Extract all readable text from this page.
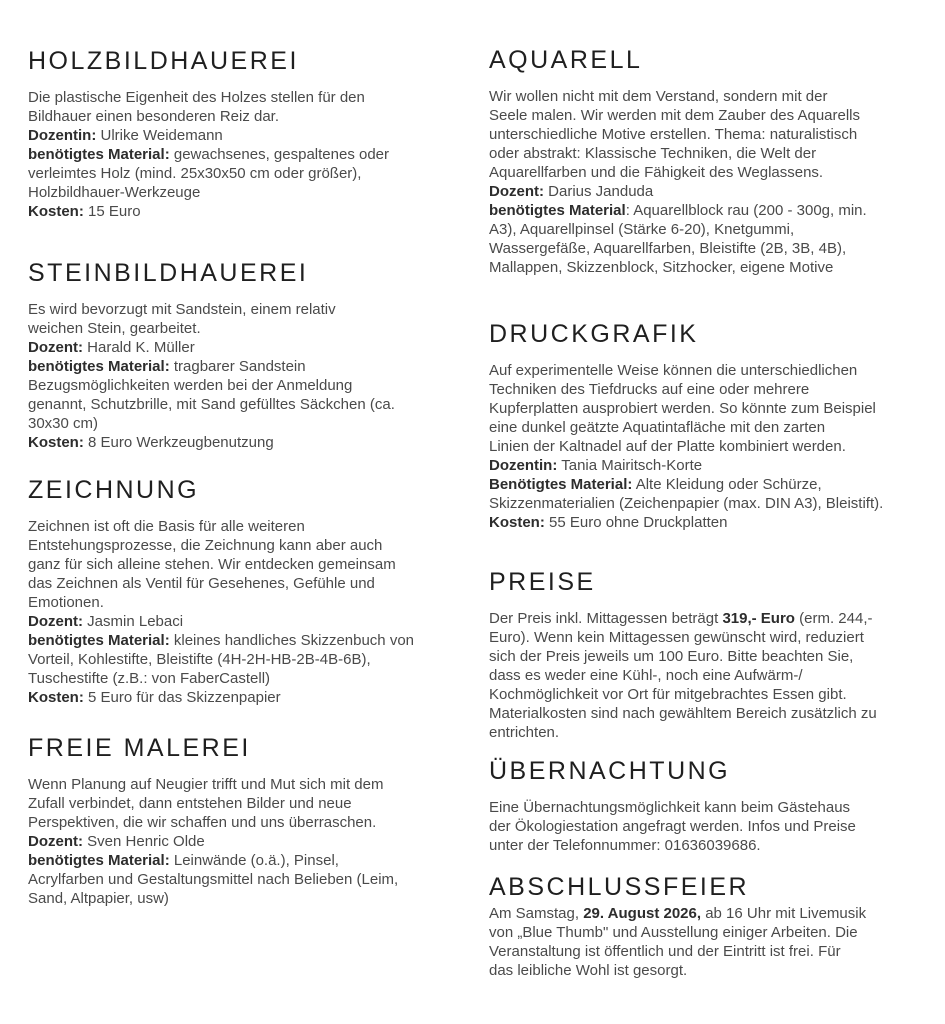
HOLZBILDHAUEREI
Die plastische Eigenheit des Holzes stellen für den
Bildhauer einen besonderen Reiz dar.
Dozentin: Ulrike Weidemann
benötigtes Material: gewachsenes, gespaltenes oder
verleimtes Holz (mind. 25x30x50 cm oder größer),
Holzbildhauer-Werkzeuge
Kosten: 15 Euro
STEINBILDHAUEREI
Es wird bevorzugt mit Sandstein, einem relativ
weichen Stein, gearbeitet.
Dozent: Harald K. Müller
benötigtes Material: tragbarer Sandstein
Bezugsmöglichkeiten werden bei der Anmeldung
genannt, Schutzbrille, mit Sand gefülltes Säckchen (ca.
30x30 cm)
Kosten: 8 Euro Werkzeugbenutzung
ZEICHNUNG
Zeichnen ist oft die Basis für alle weiteren
Entstehungsprozesse, die Zeichnung kann aber auch
ganz für sich alleine stehen. Wir entdecken gemeinsam
das Zeichnen als Ventil für Gesehenes, Gefühle und
Emotionen.
Dozent: Jasmin Lebaci
benötigtes Material: kleines handliches Skizzenbuch von
Vorteil, Kohlestifte, Bleistifte (4H-2H-HB-2B-4B-6B),
Tuschestifte (z.B.: von FaberCastell)
Kosten: 5 Euro für das Skizzenpapier
FREIE MALEREI
Wenn Planung auf Neugier trifft und Mut sich mit dem
Zufall verbindet, dann entstehen Bilder und neue
Perspektiven, die wir schaffen und uns überraschen.
Dozent: Sven Henric Olde
benötigtes Material: Leinwände (o.ä.), Pinsel,
Acrylfarben und Gestaltungsmittel nach Belieben (Leim,
Sand, Altpapier, usw)
AQUARELL
Wir wollen nicht mit dem Verstand, sondern mit der
Seele malen. Wir werden mit dem Zauber des Aquarells
unterschiedliche Motive erstellen. Thema: naturalistisch
oder abstrakt: Klassische Techniken, die Welt der
Aquarellfarben und die Fähigkeit des Weglassens.
Dozent: Darius Janduda
benötigtes Material: Aquarellblock rau (200 - 300g, min.
A3), Aquarellpinsel (Stärke 6-20), Knetgummi,
Wassergefäße, Aquarellfarben, Bleistifte (2B, 3B, 4B),
Mallappen, Skizzenblock, Sitzhocker, eigene Motive
DRUCKGRAFIK
Auf experimentelle Weise können die unterschiedlichen
Techniken des Tiefdrucks auf eine oder mehrere
Kupferplatten ausprobiert werden. So könnte zum Beispiel
eine dunkel geätzte Aquatintafläche mit den zarten
Linien der Kaltnadel auf der Platte kombiniert werden.
Dozentin: Tania Mairitsch-Korte
Benötigtes Material: Alte Kleidung oder Schürze,
Skizzenmaterialien (Zeichenpapier (max. DIN A3), Bleistift).
Kosten: 55 Euro ohne Druckplatten
PREISE
Der Preis inkl. Mittagessen beträgt 319,- Euro (erm. 244,-
Euro). Wenn kein Mittagessen gewünscht wird, reduziert
sich der Preis jeweils um 100 Euro. Bitte beachten Sie,
dass es weder eine Kühl-, noch eine Aufwärm-/
Kochmöglichkeit vor Ort für mitgebrachtes Essen gibt.
Materialkosten sind nach gewähltem Bereich zusätzlich zu
entrichten.
ÜBERNACHTUNG
Eine Übernachtungsmöglichkeit kann beim Gästehaus
der Ökologiestation angefragt werden. Infos und Preise
unter der Telefonnummer: 01636039686.
ABSCHLUSSFEIER
Am Samstag, 29. August 2026, ab 16 Uhr mit Livemusik
von „Blue Thumb" und Ausstellung einiger Arbeiten. Die
Veranstaltung ist öffentlich und der Eintritt ist frei. Für
das leibliche Wohl ist gesorgt.
